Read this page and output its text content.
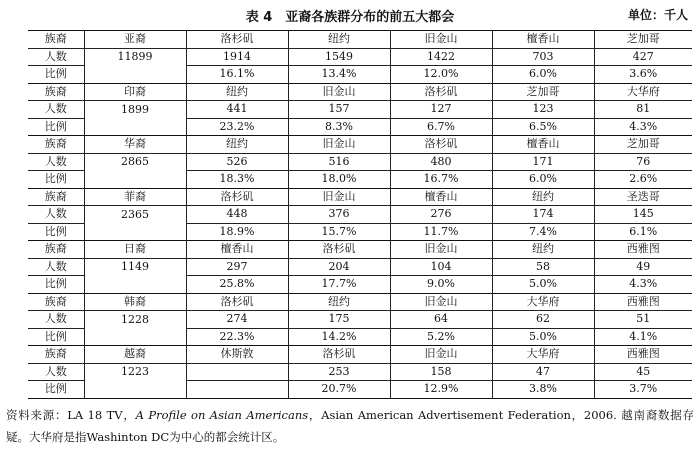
表 4　亚裔各族群分布的前五大都会	单位：千人
族裔	亚裔	洛杉矶	纽约	旧金山	檀香山	芝加哥
人数	11899	1914	1549	1422	703	427
比例		16.1%	13.4%	12.0%	6.0%	3.6%
族裔	印裔	纽约	旧金山	洛杉矶	芝加哥	大华府
人数	1899	441	157	127	123	81
比例		23.2%	8.3%	6.7%	6.5%	4.3%
族裔	华裔	纽约	旧金山	洛杉矶	檀香山	芝加哥
人数	2865	526	516	480	171	76
比例		18.3%	18.0%	16.7%	6.0%	2.6%
族裔	菲裔	洛杉矶	旧金山	檀香山	纽约	圣迭哥
人数	2365	448	376	276	174	145
比例		18.9%	15.7%	11.7%	7.4%	6.1%
族裔	日裔	檀香山	洛杉矶	旧金山	纽约	西雅图
人数	1149	297	204	104	58	49
比例		25.8%	17.7%	9.0%	5.0%	4.3%
族裔	韩裔	洛杉矶	纽约	旧金山	大华府	西雅图
人数	1228	274	175	64	62	51
比例		22.3%	14.2%	5.2%	5.0%	4.1%
族裔	越裔	休斯敦	洛杉矶	旧金山	大华府	西雅图
人数	1223		253	158	47	45
比例			20.7%	12.9%	3.8%	3.7%
资料来源：LA 18 TV，A Profile on Asian Americans，Asian American Advertisement Federation，2006. 越南裔数据存疑。大华府是指Washinton DC为中心的都会统计区。
